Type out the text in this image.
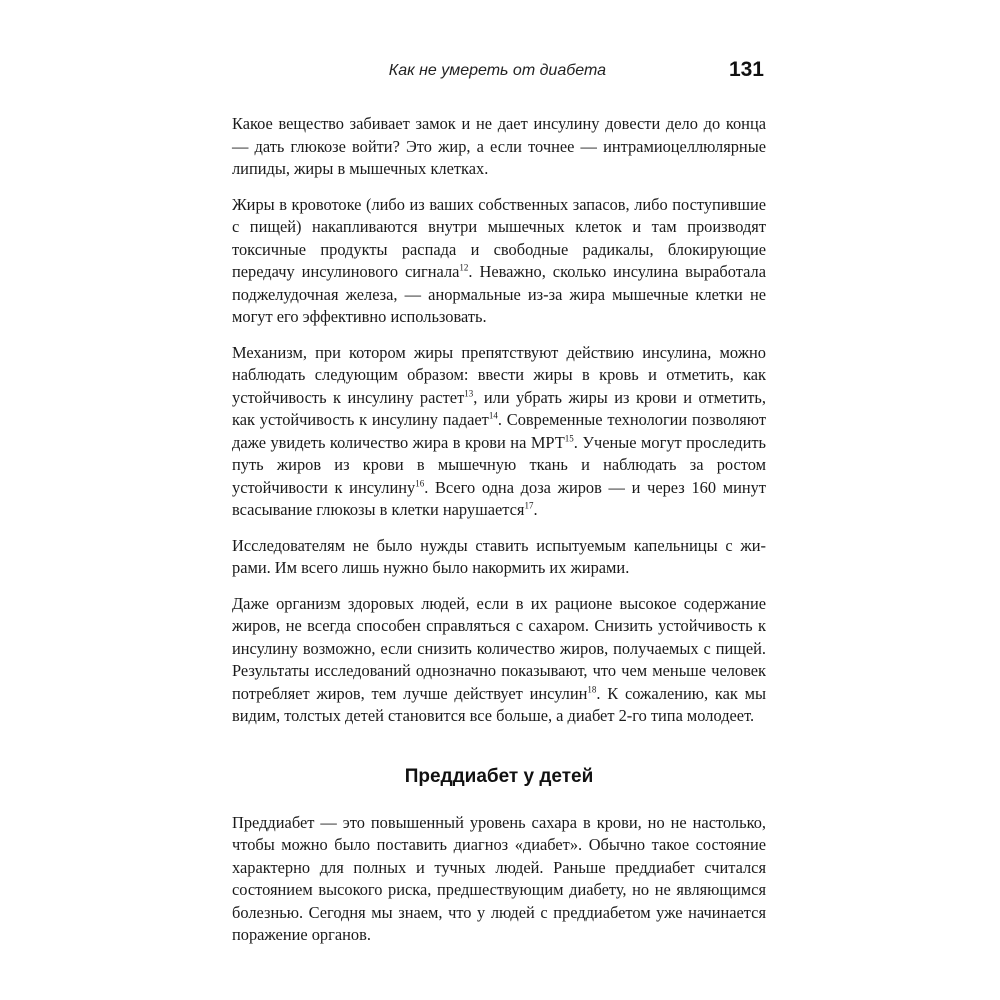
Как не умереть от диабета	131

Какое вещество забивает замок и не дает инсулину довести дело до конца — дать глюкозе войти? Это жир, а если точнее — интрамиоцеллюлярные липиды, жиры в мышечных клетках.

Жиры в кровотоке (либо из ваших собственных запасов, либо поступившие с пищей) накапливаются внутри мышечных клеток и там производят токсичные продукты распада и свободные радикалы, блокирующие передачу инсулинового сигнала$^{12}$. Неважно, сколько инсулина выработала поджелудочная железа, — анормальные из-за жира мышечные клетки не могут его эффективно использовать.

Механизм, при котором жиры препятствуют действию инсулина, можно наблюдать следующим образом: ввести жиры в кровь и отметить, как устойчивость к инсулину растет$^{13}$, или убрать жиры из крови и отметить, как устойчивость к инсулину падает$^{14}$. Современные технологии позволяют даже увидеть количество жира в крови на МРТ$^{15}$. Ученые могут проследить путь жиров из крови в мышечную ткань и наблюдать за ростом устойчивости к инсулину$^{16}$. Всего одна доза жиров — и через 160 минут всасывание глюкозы в клетки нарушается$^{17}$.

Исследователям не было нужды ставить испытуемым капельницы с жирами. Им всего лишь нужно было накормить их жирами.

Даже организм здоровых людей, если в их рационе высокое содержание жиров, не всегда способен справляться с сахаром. Снизить устойчивость к инсулину возможно, если снизить количество жиров, получаемых с пищей. Результаты исследований однозначно показывают, что чем меньше человек потребляет жиров, тем лучше действует инсулин$^{18}$. К сожалению, как мы видим, толстых детей становится все больше, а диабет 2-го типа молодеет.

Преддиабет у детей

Преддиабет — это повышенный уровень сахара в крови, но не настолько, чтобы можно было поставить диагноз «диабет». Обычно такое состояние характерно для полных и тучных людей. Раньше преддиабет считался состоянием высокого риска, предшествующим диабету, но не являющимся болезнью. Сегодня мы знаем, что у людей с преддиабетом уже начинается поражение органов.
